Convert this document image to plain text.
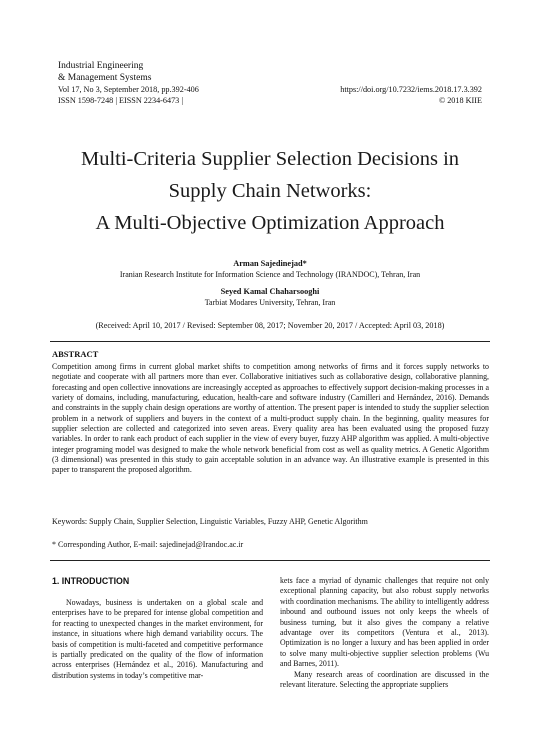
Industrial Engineering
& Management Systems
Vol 17, No 3, September 2018, pp.392-406
ISSN 1598-7248 | EISSN 2234-6473 |
https://doi.org/10.7232/iems.2018.17.3.392
© 2018 KIIE
Multi-Criteria Supplier Selection Decisions in
Supply Chain Networks:
A Multi-Objective Optimization Approach
Arman Sajedinejad*
Iranian Research Institute for Information Science and Technology (IRANDOC), Tehran, Iran
Seyed Kamal Chaharsooghi
Tarbiat Modares University, Tehran, Iran
(Received: April 10, 2017 / Revised: September 08, 2017; November 20, 2017 / Accepted: April 03, 2018)
ABSTRACT

Competition among firms in current global market shifts to competition among networks of firms and it forces supply networks to negotiate and cooperate with all partners more than ever. Collaborative initiatives such as collaborative design, collaborative planning, forecasting and open collective innovations are increasingly accepted as approaches to effectively support decision-making processes in a variety of domains, including, manufacturing, education, health-care and software industry (Camilleri and Hernández, 2016). Demands and constraints in the supply chain design operations are worthy of attention. The present paper is intended to study the supplier selection problem in a network of suppliers and buyers in the context of a multi-product supply chain. In the beginning, quality measures for supplier selection are collected and categorized into seven areas. Every quality area has been evaluated using the proposed fuzzy variables. In order to rank each product of each supplier in the view of every buyer, fuzzy AHP algorithm was applied. A multi-objective integer programing model was designed to make the whole network beneficial from cost as well as quality metrics. A Genetic Algorithm (3 dimensional) was presented in this study to gain acceptable solution in an advance way. An illustrative example is presented in this paper to transparent the proposed algorithm.

Keywords: Supply Chain, Supplier Selection, Linguistic Variables, Fuzzy AHP, Genetic Algorithm
* Corresponding Author, E-mail: sajedinejad@Irandoc.ac.ir
1. INTRODUCTION

Nowadays, business is undertaken on a global scale and enterprises have to be prepared for intense global competition and for reacting to unexpected changes in the market environment, for instance, in situations where high demand variability occurs. The basis of competition is multi-faceted and competitive performance is partially predicated on the quality of the flow of information across enterprises (Hernández et al., 2016). Manufacturing and distribution systems in today’s competitive mar-

kets face a myriad of dynamic challenges that require not only exceptional planning capacity, but also robust supply networks with coordination mechanisms. The ability to intelligently address inbound and outbound issues not only keeps the wheels of business turning, but it also gives the company a relative advantage over its competitors (Ventura et al., 2013). Optimization is no longer a luxury and has been applied in order to solve many multi-objective supplier selection problems (Wu and Barnes, 2011).

Many research areas of coordination are discussed in the relevant literature. Selecting the appropriate suppliers
